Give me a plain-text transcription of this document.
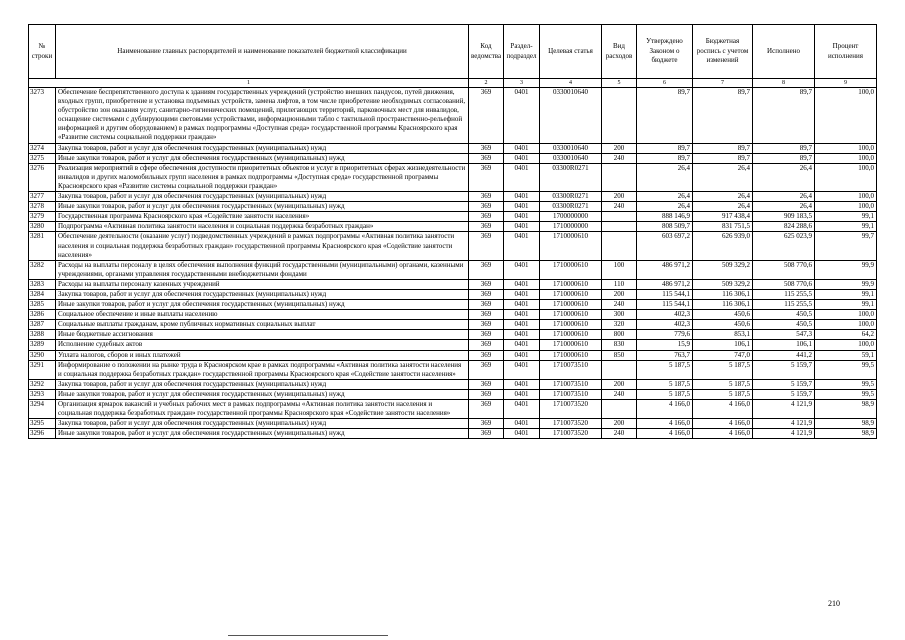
№ строки	Наименование главных распорядителей и наименование показателей бюджетной классификации	Код ведомства	Раздел-подраздел	Целевая статья	Вид расходов	Утверждено Законом о бюджете	Бюджетная роспись с учетом изменений	Исполнено	Процент исполнения
1		2	3	4	5	6	7	8	9
3273	Обеспечение беспрепятственного доступа к зданиям государственных учреждений (устройство внешних пандусов, путей движения, входных групп, приобретение и установка подъемных устройств, замена лифтов, в том числе приобретение необходимых согласований, обустройство зон оказания услуг, санитарно-гигиенических помещений, прилегающих территорий, парковочных мест для инвалидов, оснащение системами с дублирующими световыми устройствами, информационными табло с тактильной пространственно-рельефной информацией и другим оборудованием) в рамках подпрограммы «Доступная среда» государственной программы Красноярского края «Развитие системы социальной поддержки граждан»	369	0401	0330010640		89,7	89,7	89,7	100,0
3274	Закупка товаров, работ и услуг для обеспечения государственных (муниципальных) нужд	369	0401	0330010640	200	89,7	89,7	89,7	100,0
3275	Иные закупки товаров, работ и услуг для обеспечения государственных (муниципальных) нужд	369	0401	0330010640	240	89,7	89,7	89,7	100,0
3276	Реализация мероприятий в сфере обеспечения доступности приоритетных объектов и услуг в приоритетных сферах жизнедеятельности инвалидов и других маломобильных групп населения в рамках подпрограммы «Доступная среда» государственной программы Красноярского края «Развитие системы социальной поддержки граждан»	369	0401	03300R0271		26,4	26,4	26,4	100,0
3277	Закупка товаров, работ и услуг для обеспечения государственных (муниципальных) нужд	369	0401	03300R0271	200	26,4	26,4	26,4	100,0
3278	Иные закупки товаров, работ и услуг для обеспечения государственных (муниципальных) нужд	369	0401	03300R0271	240	26,4	26,4	26,4	100,0
3279	Государственная программа Красноярского края «Содействие занятости населения»	369	0401	1700000000		888 146,9	917 438,4	909 183,5	99,1
3280	Подпрограмма «Активная политика занятости населения и социальная поддержка безработных граждан»	369	0401	1710000000		808 509,7	831 751,5	824 288,6	99,1
3281	Обеспечение деятельности (оказание услуг) подведомственных учреждений в рамках подпрограммы «Активная политика занятости населения и социальная поддержка безработных граждан» государственной программы Красноярского края «Содействие занятости населения»	369	0401	1710000610		603 697,2	626 939,0	625 023,9	99,7
3282	Расходы на выплаты персоналу в целях обеспечения выполнения функций государственными (муниципальными) органами, казенными учреждениями, органами управления государственными внебюджетными фондами	369	0401	1710000610	100	486 971,2	509 329,2	508 770,6	99,9
3283	Расходы на выплаты персоналу казенных учреждений	369	0401	1710000610	110	486 971,2	509 329,2	508 770,6	99,9
3284	Закупка товаров, работ и услуг для обеспечения государственных (муниципальных) нужд	369	0401	1710000610	200	115 544,1	116 306,1	115 255,5	99,1
3285	Иные закупки товаров, работ и услуг для обеспечения государственных (муниципальных) нужд	369	0401	1710000610	240	115 544,1	116 306,1	115 255,5	99,1
3286	Социальное обеспечение и иные выплаты населению	369	0401	1710000610	300	402,3	450,6	450,5	100,0
3287	Социальные выплаты гражданам, кроме публичных нормативных социальных выплат	369	0401	1710000610	320	402,3	450,6	450,5	100,0
3288	Иные бюджетные ассигнования	369	0401	1710000610	800	779,6	853,1	547,3	64,2
3289	Исполнение судебных актов	369	0401	1710000610	830	15,9	106,1	106,1	100,0
3290	Уплата налогов, сборов и иных платежей	369	0401	1710000610	850	763,7	747,0	441,2	59,1
3291	Информирование о положении на рынке труда в Красноярском крае в рамках подпрограммы «Активная политика занятости населения и социальная поддержка безработных граждан» государственной программы Красноярского края «Содействие занятости населения»	369	0401	1710073510		5 187,5	5 187,5	5 159,7	99,5
3292	Закупка товаров, работ и услуг для обеспечения государственных (муниципальных) нужд	369	0401	1710073510	200	5 187,5	5 187,5	5 159,7	99,5
3293	Иные закупки товаров, работ и услуг для обеспечения государственных (муниципальных) нужд	369	0401	1710073510	240	5 187,5	5 187,5	5 159,7	99,5
3294	Организация ярмарок вакансий и учебных рабочих мест в рамках подпрограммы «Активная политика занятости населения и социальная поддержка безработных граждан» государственной программы Красноярского края «Содействие занятости населения»	369	0401	1710073520		4 166,0	4 166,0	4 121,9	98,9
3295	Закупка товаров, работ и услуг для обеспечения государственных (муниципальных) нужд	369	0401	1710073520	200	4 166,0	4 166,0	4 121,9	98,9
3296	Иные закупки товаров, работ и услуг для обеспечения государственных (муниципальных) нужд	369	0401	1710073520	240	4 166,0	4 166,0	4 121,9	98,9
210
